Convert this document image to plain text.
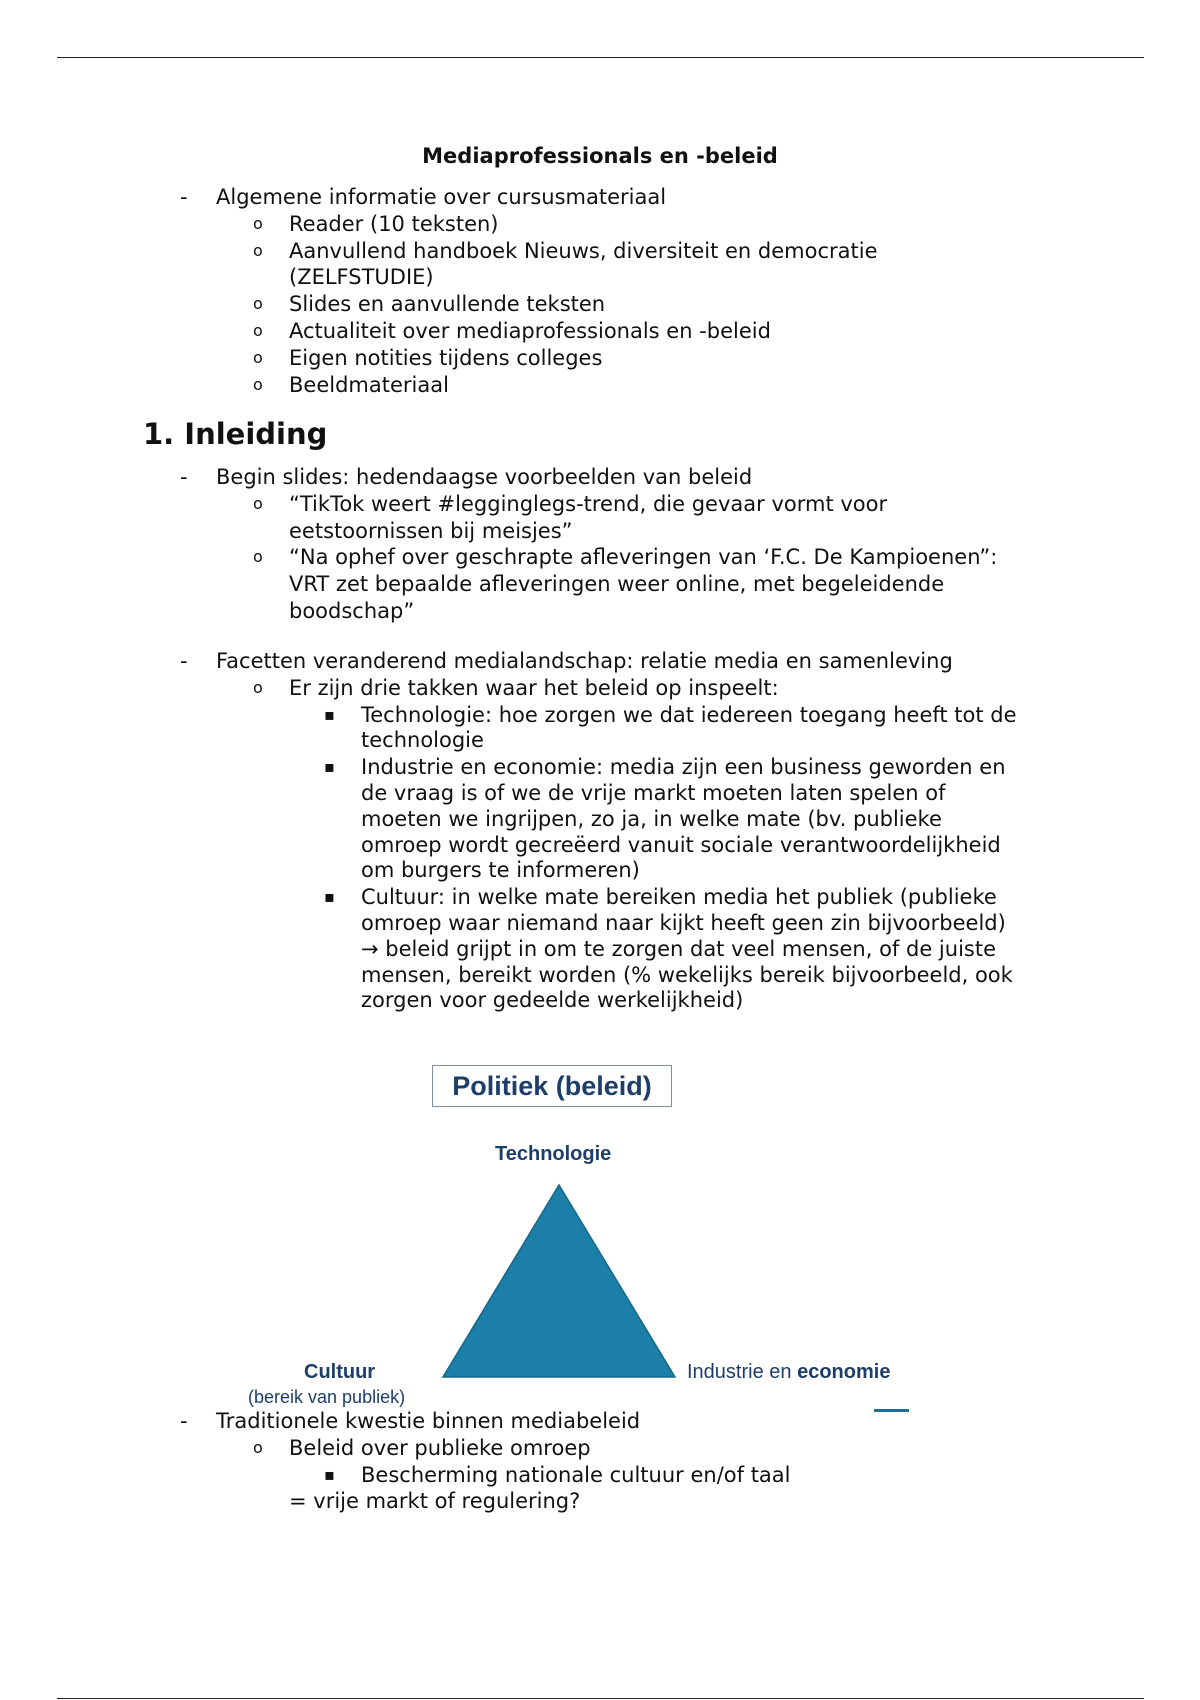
Mediaprofessionals en -beleid
- Algemene informatie over cursusmateriaal
o Reader (10 teksten)
o Aanvullend handboek Nieuws, diversiteit en democratie
(ZELFSTUDIE)
o Slides en aanvullende teksten
o Actualiteit over mediaprofessionals en -beleid
o Eigen notities tijdens colleges
o Beeldmateriaal
1. Inleiding
- Begin slides: hedendaagse voorbeelden van beleid
o “TikTok weert #legginglegs-trend, die gevaar vormt voor
eetstoornissen bij meisjes”
o “Na ophef over geschrapte afleveringen van ‘F.C. De Kampioenen”:
VRT zet bepaalde afleveringen weer online, met begeleidende
boodschap”
- Facetten veranderend medialandschap: relatie media en samenleving
o Er zijn drie takken waar het beleid op inspeelt:
▪ Technologie: hoe zorgen we dat iedereen toegang heeft tot de
technologie
▪ Industrie en economie: media zijn een business geworden en
de vraag is of we de vrije markt moeten laten spelen of
moeten we ingrijpen, zo ja, in welke mate (bv. publieke
omroep wordt gecreëerd vanuit sociale verantwoordelijkheid
om burgers te informeren)
▪ Cultuur: in welke mate bereiken media het publiek (publieke
omroep waar niemand naar kijkt heeft geen zin bijvoorbeeld)
→ beleid grijpt in om te zorgen dat veel mensen, of de juiste
mensen, bereikt worden (% wekelijks bereik bijvoorbeeld, ook
zorgen voor gedeelde werkelijkheid)
Politiek (beleid)
Technologie
Cultuur
(bereik van publiek)
Industrie en economie
- Traditionele kwestie binnen mediabeleid
o Beleid over publieke omroep
▪ Bescherming nationale cultuur en/of taal
= vrije markt of regulering?
